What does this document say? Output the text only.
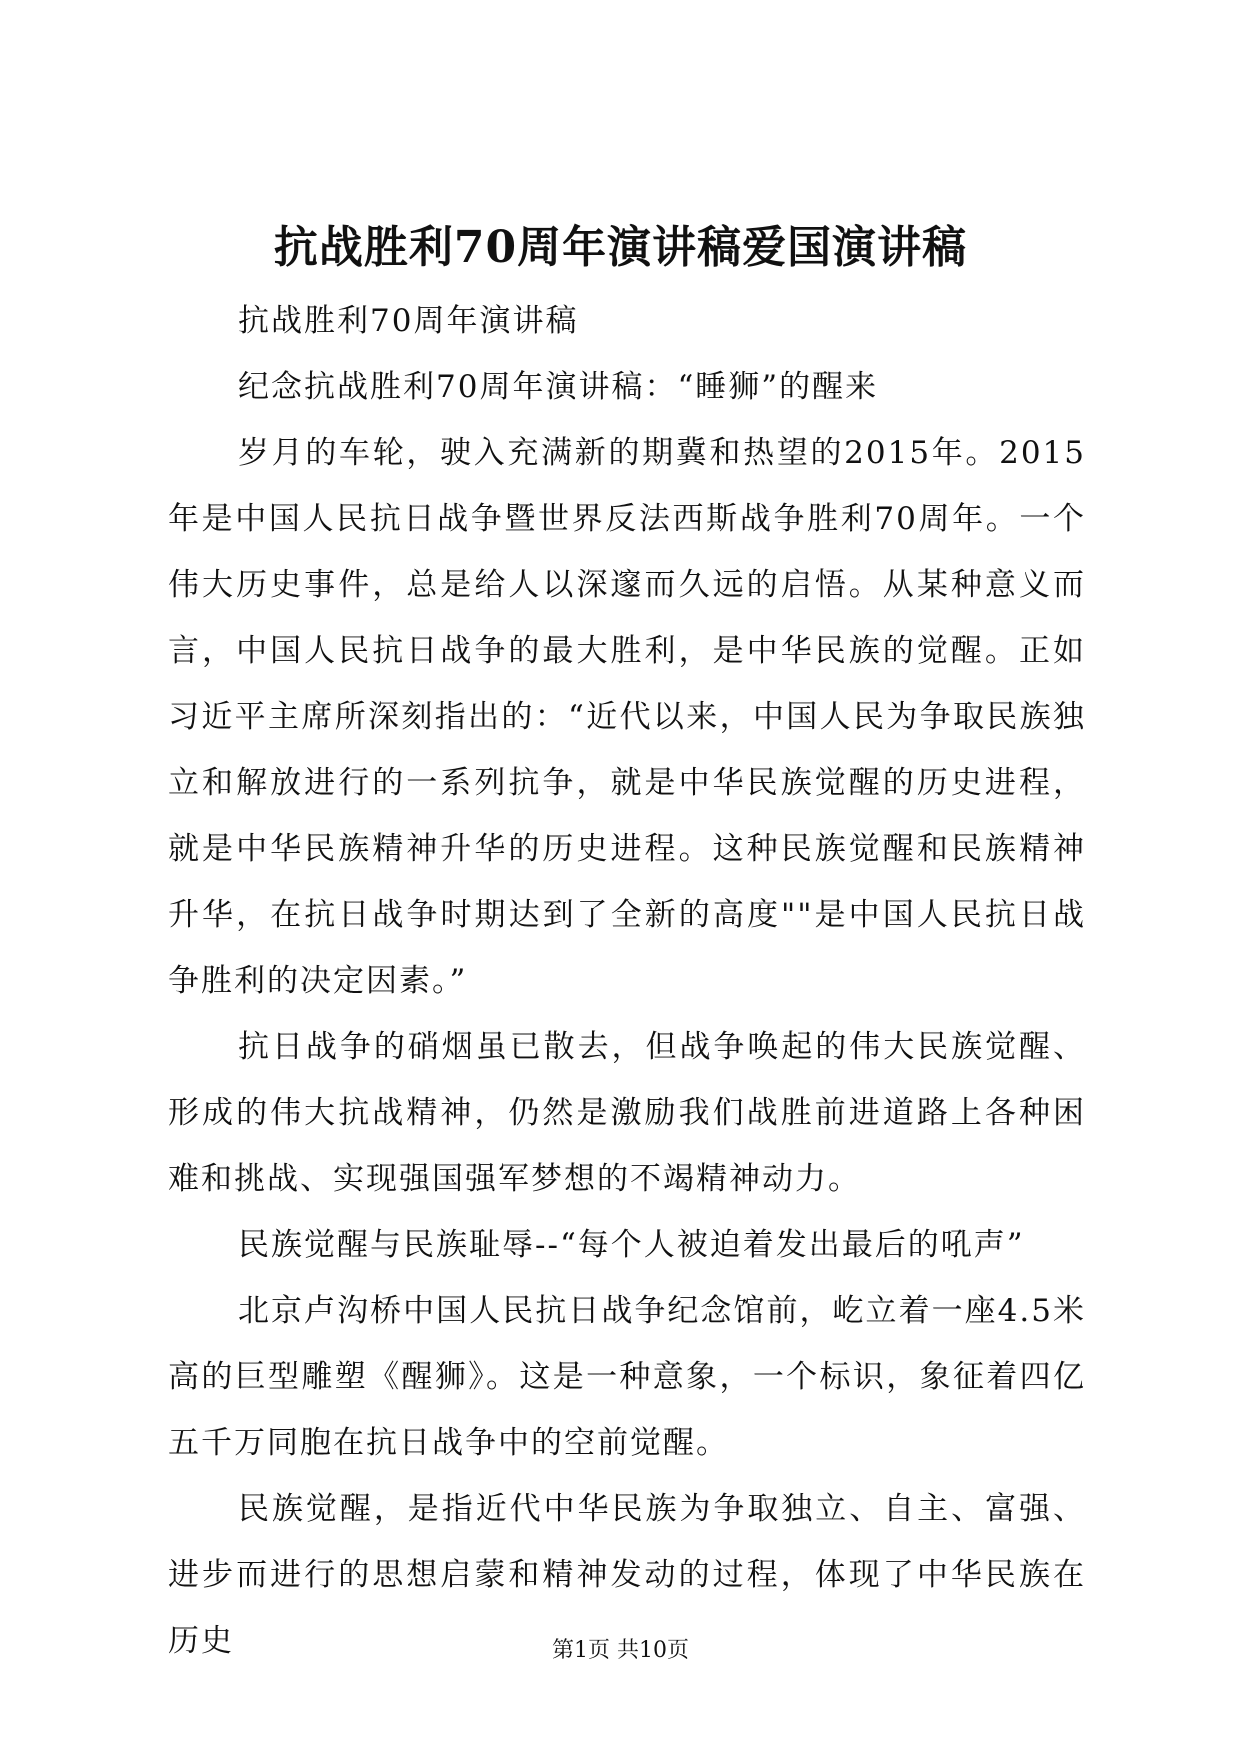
抗战胜利70周年演讲稿爱国演讲稿

抗战胜利70周年演讲稿

纪念抗战胜利70周年演讲稿：“睡狮”的醒来

岁月的车轮，驶入充满新的期冀和热望的2015年。2015年是中国人民抗日战争暨世界反法西斯战争胜利70周年。一个伟大历史事件，总是给人以深邃而久远的启悟。从某种意义而言，中国人民抗日战争的最大胜利，是中华民族的觉醒。正如习近平主席所深刻指出的：“近代以来，中国人民为争取民族独立和解放进行的一系列抗争，就是中华民族觉醒的历史进程，就是中华民族精神升华的历史进程。这种民族觉醒和民族精神升华，在抗日战争时期达到了全新的高度""是中国人民抗日战争胜利的决定因素。”

抗日战争的硝烟虽已散去，但战争唤起的伟大民族觉醒、形成的伟大抗战精神，仍然是激励我们战胜前进道路上各种困难和挑战、实现强国强军梦想的不竭精神动力。

民族觉醒与民族耻辱--“每个人被迫着发出最后的吼声”

北京卢沟桥中国人民抗日战争纪念馆前，屹立着一座4.5米高的巨型雕塑《醒狮》。这是一种意象，一个标识，象征着四亿五千万同胞在抗日战争中的空前觉醒。

民族觉醒，是指近代中华民族为争取独立、自主、富强、进步而进行的思想启蒙和精神发动的过程，体现了中华民族在历史	第1页 共10页
